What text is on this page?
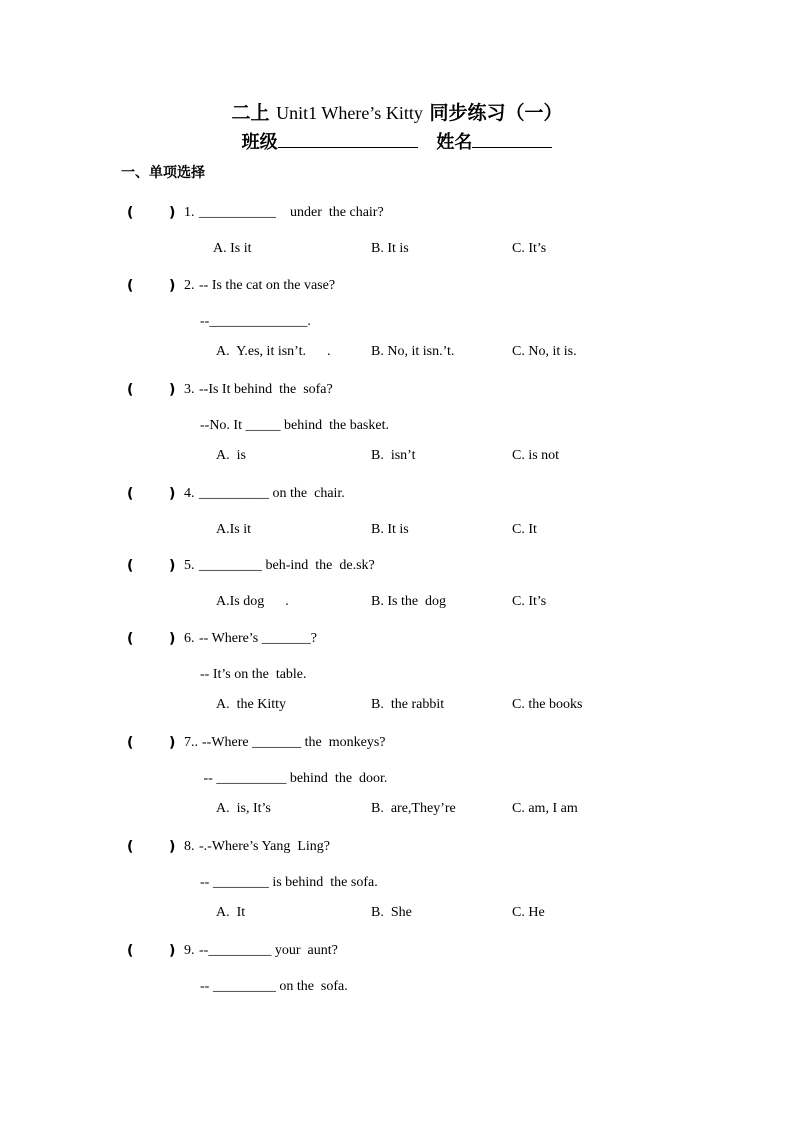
二上 Unit1 Where’s Kitty 同步练习（一）
班级	姓名
一、单项选择
(	) 1. ___________    under  the chair?
A. Is it	B. It is	C. It’s
(	) 2. -- Is the cat on the vase?
--______________.
A.  Y.es, it isn’t.      .	B. No, it isn.’t.	C. No, it is.
(	) 3. --Is It behind  the  sofa?
--No. It _____ behind  the basket.
A.  is	B.  isn’t	C. is not
(	) 4. __________ on the  chair.
A.Is it	B. It is	C. It
(	) 5. _________ beh-ind  the  de.sk?
A.Is dog      .	B. Is the  dog	C. It’s
(	) 6. -- Where’s _______?
-- It’s on the  table.
A.  the Kitty	B.  the rabbit	C. the books
(	) 7.. --Where _______ the  monkeys?
-- __________ behind  the  door.
A.  is, It’s	B.  are,They’re	C. am, I am
(	) 8. -.-Where’s Yang  Ling?
-- ________ is behind  the sofa.
A.  It	B.  She	C. He
(	) 9. --_________ your  aunt?
-- _________ on the  sofa.
